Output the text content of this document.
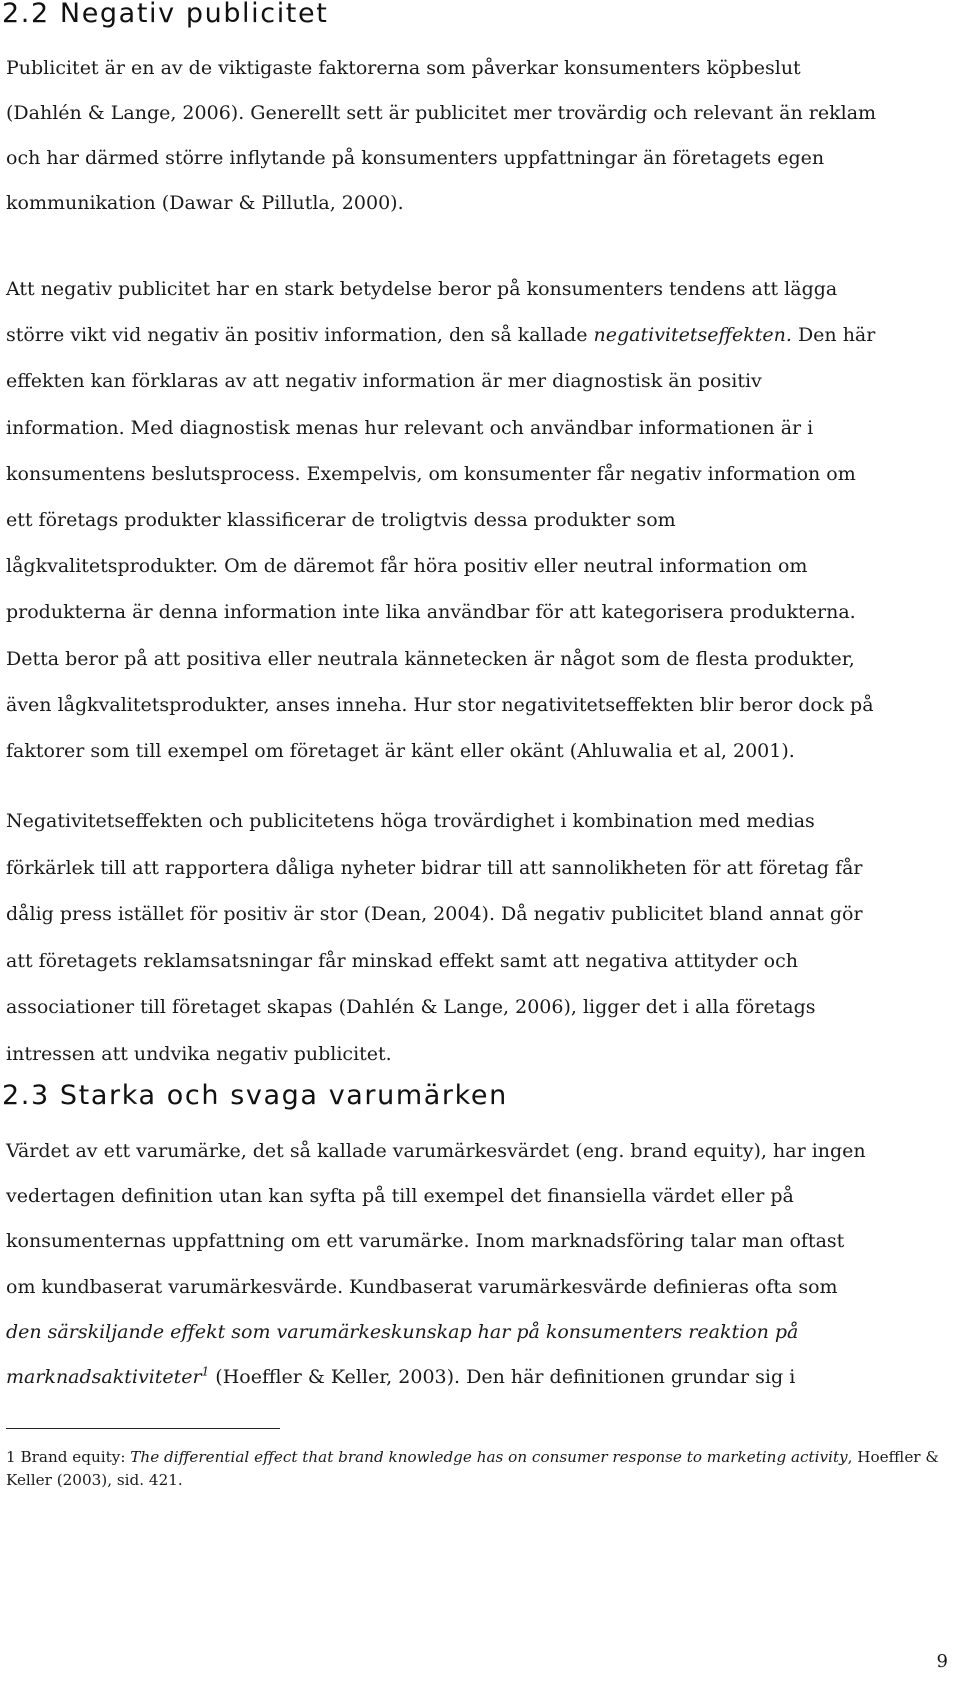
2.2 Negativ publicitet

Publicitet är en av de viktigaste faktorerna som påverkar konsumenters köpbeslut
(Dahlén & Lange, 2006). Generellt sett är publicitet mer trovärdig och relevant än reklam
och har därmed större inflytande på konsumenters uppfattningar än företagets egen
kommunikation (Dawar & Pillutla, 2000).

Att negativ publicitet har en stark betydelse beror på konsumenters tendens att lägga
större vikt vid negativ än positiv information, den så kallade negativitetseffekten. Den här
effekten kan förklaras av att negativ information är mer diagnostisk än positiv
information. Med diagnostisk menas hur relevant och användbar informationen är i
konsumentens beslutsprocess. Exempelvis, om konsumenter får negativ information om
ett företags produkter klassificerar de troligtvis dessa produkter som
lågkvalitetsprodukter. Om de däremot får höra positiv eller neutral information om
produkterna är denna information inte lika användbar för att kategorisera produkterna.
Detta beror på att positiva eller neutrala kännetecken är något som de flesta produkter,
även lågkvalitetsprodukter, anses inneha. Hur stor negativitetseffekten blir beror dock på
faktorer som till exempel om företaget är känt eller okänt (Ahluwalia et al, 2001).

Negativitetseffekten och publicitetens höga trovärdighet i kombination med medias
förkärlek till att rapportera dåliga nyheter bidrar till att sannolikheten för att företag får
dålig press istället för positiv är stor (Dean, 2004). Då negativ publicitet bland annat gör
att företagets reklamsatsningar får minskad effekt samt att negativa attityder och
associationer till företaget skapas (Dahlén & Lange, 2006), ligger det i alla företags
intressen att undvika negativ publicitet.

2.3 Starka och svaga varumärken

Värdet av ett varumärke, det så kallade varumärkesvärdet (eng. brand equity), har ingen
vedertagen definition utan kan syfta på till exempel det finansiella värdet eller på
konsumenternas uppfattning om ett varumärke. Inom marknadsföring talar man oftast
om kundbaserat varumärkesvärde. Kundbaserat varumärkesvärde definieras ofta som
den särskiljande effekt som varumärkeskunskap har på konsumenters reaktion på
marknadsaktiviteter$^1$ (Hoeffler & Keller, 2003). Den här definitionen grundar sig i

1 Brand equity: The differential effect that brand knowledge has on consumer response to marketing activity, Hoeffler &
Keller (2003), sid. 421.

9
